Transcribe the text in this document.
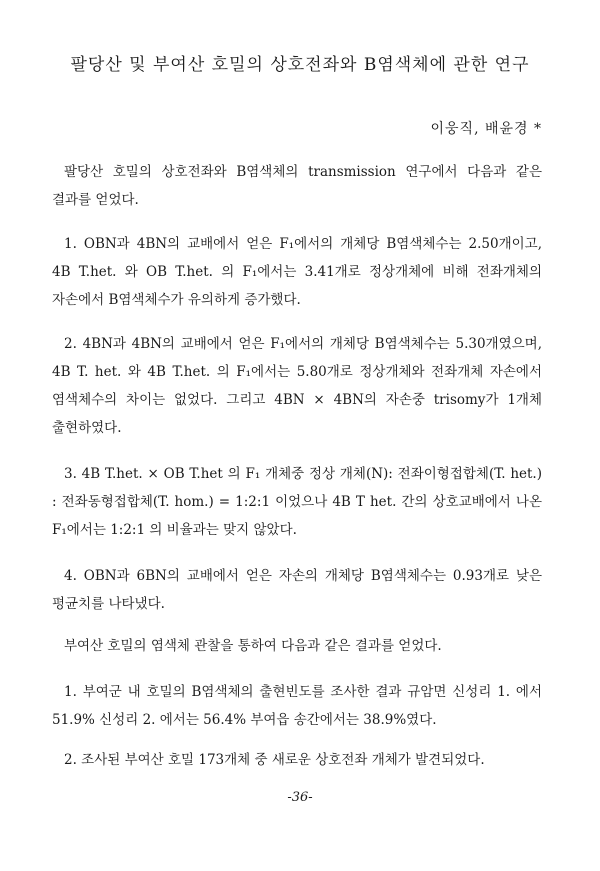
팔당산 및 부여산 호밀의 상호전좌와 B염색체에 관한 연구
이웅직, 배윤경 *

팔당산 호밀의 상호전좌와 B염색체의 transmission 연구에서 다음과 같은 결과를 얻었다.

1. OBN과 4BN의 교배에서 얻은 F₁에서의 개체당 B염색체수는 2.50개이고, 4B T.het. 와 OB T.het. 의 F₁에서는 3.41개로 정상개체에 비해 전좌개체의 자손에서 B염색체수가 유의하게 증가했다.

2. 4BN과 4BN의 교배에서 얻은 F₁에서의 개체당 B염색체수는 5.30개였으며, 4B T. het. 와 4B T.het. 의 F₁에서는 5.80개로 정상개체와 전좌개체 자손에서 염색체수의 차이는 없었다. 그리고 4BN × 4BN의 자손중 trisomy가 1개체 출현하였다.

3. 4B T.het. × OB T.het 의 F₁ 개체중 정상 개체(N): 전좌이형접합체(T. het.) : 전좌동형접합체(T. hom.) = 1:2:1 이었으나 4B T het. 간의 상호교배에서 나온 F₁에서는 1:2:1 의 비율과는 맞지 않았다.

4. OBN과 6BN의 교배에서 얻은 자손의 개체당 B염색체수는 0.93개로 낮은 평균치를 나타냈다.

부여산 호밀의 염색체 관찰을 통하여 다음과 같은 결과를 얻었다.

1. 부여군 내 호밀의 B염색체의 출현빈도를 조사한 결과 규암면 신성리 1. 에서 51.9% 신성리 2. 에서는 56.4% 부여읍 송간에서는 38.9%였다.

2. 조사된 부여산 호밀 173개체 중 새로운 상호전좌 개체가 발견되었다.

-36-
